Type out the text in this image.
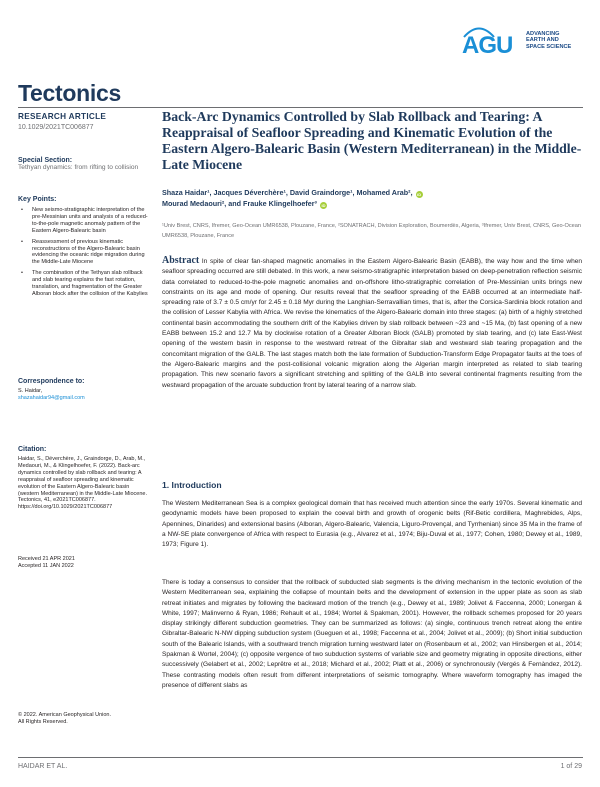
AGU ADVANCING
EARTH AND
SPACE SCIENCE
Tectonics
RESEARCH ARTICLE
10.1029/2021TC006877
Special Section:
Tethyan dynamics: from rifting to collision
Key Points:
• New seismo-stratigraphic interpretation of the pre-Messinian units and analysis of a reduced-to-the-pole magnetic anomaly pattern of the Eastern Algero-Balearic basin
• Reassessment of previous kinematic reconstructions of the Algero-Balearic basin evidencing the oceanic ridge migration during the Middle-Late Miocene
• The combination of the Tethyan slab rollback and slab tearing explains the fast rotation, translation, and fragmentation of the Greater Alboran block after the collision of the Kabylies
Correspondence to:
S. Haidar,
shazahaidar94@gmail.com
Citation:
Haidar, S., Déverchère, J., Graindorge, D., Arab, M., Medaouri, M., & Klingelhoefer, F. (2022). Back-arc dynamics controlled by slab rollback and tearing: A reappraisal of seafloor spreading and kinematic evolution of the Eastern Algero-Balearic basin (western Mediterranean) in the Middle-Late Miocene. Tectonics, 41, e2021TC006877. https://doi.org/10.1029/2021TC006877
Received 21 APR 2021
Accepted 11 JAN 2022
© 2022. American Geophysical Union.
All Rights Reserved.
Back-Arc Dynamics Controlled by Slab Rollback and Tearing: A Reappraisal of Seafloor Spreading and Kinematic Evolution of the Eastern Algero-Balearic Basin (Western Mediterranean) in the Middle-Late Miocene
Shaza Haidar¹, Jacques Déverchère¹, David Graindorge¹, Mohamed Arab², iD
Mourad Medaouri², and Frauke Klingelhoefer³ iD
¹Univ Brest, CNRS, Ifremer, Geo-Ocean UMR6538, Plouzane, France, ²SONATRACH, Division Exploration, Boumerdès, Algeria, ³Ifremer, Univ Brest, CNRS, Geo-Ocean UMR6538, Plouzane, France
Abstract In spite of clear fan-shaped magnetic anomalies in the Eastern Algero-Balearic Basin (EABB), the way how and the time when seafloor spreading occurred are still debated. In this work, a new seismo-stratigraphic interpretation based on deep-penetration reflection seismic data correlated to reduced-to-the-pole magnetic anomalies and on-offshore litho-stratigraphic correlation of Pre-Messinian units brings new constraints on its age and mode of opening. Our results reveal that the seafloor spreading of the EABB occurred at an intermediate half-spreading rate of 3.7 ± 0.5 cm/yr for 2.45 ± 0.18 Myr during the Langhian-Serravallian times, that is, after the Corsica-Sardinia block rotation and the collision of Lesser Kabylia with Africa. We revise the kinematics of the Algero-Balearic domain into three stages: (a) birth of a highly stretched continental basin accommodating the southern drift of the Kabylies driven by slab rollback between ~23 and ~15 Ma, (b) fast opening of a new EABB between 15.2 and 12.7 Ma by clockwise rotation of a Greater Alboran Block (GALB) promoted by slab tearing, and (c) late East-West opening of the western basin in response to the westward retreat of the Gibraltar slab and westward slab tearing propagation and the concomitant migration of the GALB. The last stages match both the late formation of Subduction-Transform Edge Propagator faults at the toes of the Algero-Balearic margins and the post-collisional volcanic migration along the Algerian margin interpreted as related to slab tearing propagation. This new scenario favors a significant stretching and splitting of the GALB into several continental fragments resulting from the westward propagation of the arcuate subduction front by lateral tearing of a narrow slab.
1. Introduction
The Western Mediterranean Sea is a complex geological domain that has received much attention since the early 1970s. Several kinematic and geodynamic models have been proposed to explain the coeval birth and growth of orogenic belts (Rif-Betic cordillera, Maghrebides, Alps, Apennines, Dinarides) and extensional basins (Alboran, Algero-Balearic, Valencia, Liguro-Provençal, and Tyrrhenian) since 35 Ma in the frame of a NW-SE plate convergence of Africa with respect to Eurasia (e.g., Alvarez et al., 1974; Biju-Duval et al., 1977; Cohen, 1980; Dewey et al., 1989, 1973; Figure 1).
There is today a consensus to consider that the rollback of subducted slab segments is the driving mechanism in the tectonic evolution of the Western Mediterranean sea, explaining the collapse of mountain belts and the development of extension in the upper plate as soon as slab retreat initiates and migrates by following the backward motion of the trench (e.g., Dewey et al., 1989; Jolivet & Faccenna, 2000; Lonergan & White, 1997; Malinverno & Ryan, 1986; Rehault et al., 1984; Wortel & Spakman, 2001). However, the rollback schemes proposed for 20 years display strikingly different subduction geometries. They can be summarized as follows: (a) single, continuous trench retreat along the entire Gibraltar-Balearic N-NW dipping subduction system (Gueguen et al., 1998; Faccenna et al., 2004; Jolivet et al., 2009); (b) Short initial subduction south of the Balearic Islands, with a southward trench migration turning westward later on (Rosenbaum et al., 2002; van Hinsbergen et al., 2014; Spakman & Wortel, 2004); (c) opposite vergence of two subduction systems of variable size and geometry migrating in opposite directions, either successively (Gelabert et al., 2002; Leprêtre et al., 2018; Michard et al., 2002; Platt et al., 2006) or synchronously (Vergés & Fernàndez, 2012). These contrasting models often result from different interpretations of seismic tomography. Where waveform tomography has imaged the presence of different slabs as
HAIDAR ET AL.	1 of 29
